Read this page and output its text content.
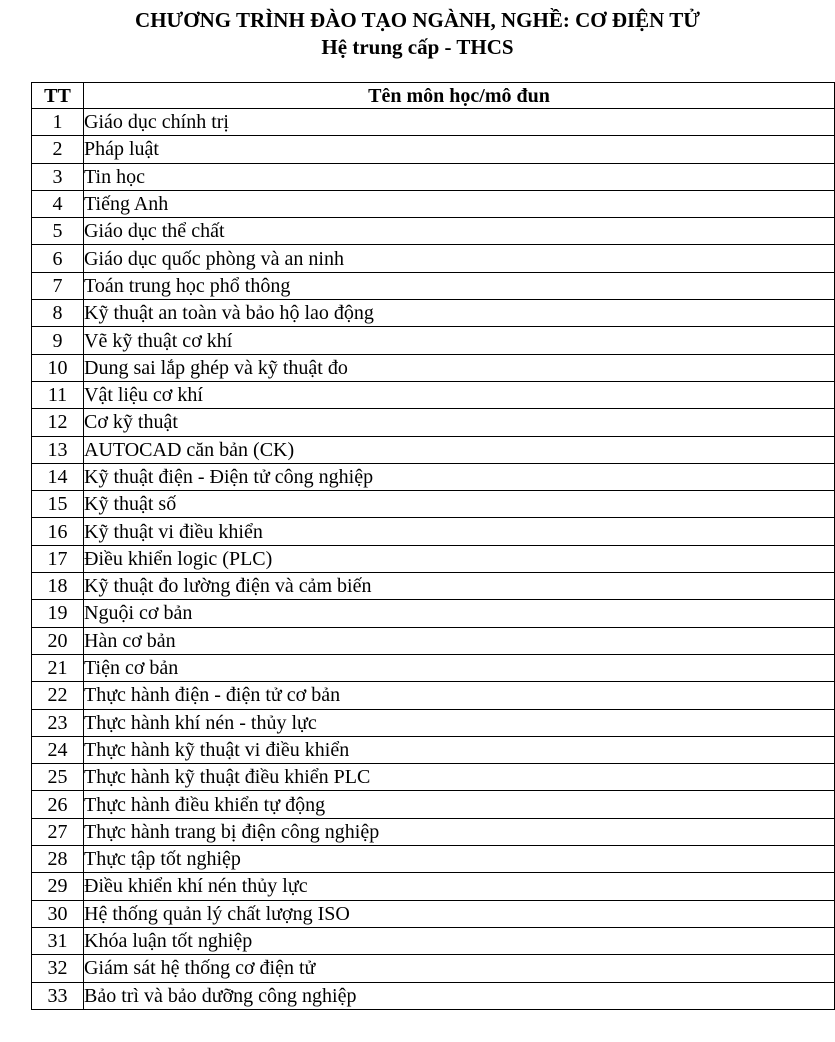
CHƯƠNG TRÌNH ĐÀO TẠO NGÀNH, NGHỀ: CƠ ĐIỆN TỬ
Hệ trung cấp - THCS
TT	Tên môn học/mô đun
1	Giáo dục chính trị
2	Pháp luật
3	Tin học
4	Tiếng Anh
5	Giáo dục thể chất
6	Giáo dục quốc phòng và an ninh
7	Toán trung học phổ thông
8	Kỹ thuật an toàn và bảo hộ lao động
9	Vẽ kỹ thuật cơ khí
10	Dung sai lắp ghép và kỹ thuật đo
11	Vật liệu cơ khí
12	Cơ kỹ thuật
13	AUTOCAD căn bản (CK)
14	Kỹ thuật điện - Điện tử công nghiệp
15	Kỹ thuật số
16	Kỹ thuật vi điều khiển
17	Điều khiển logic (PLC)
18	Kỹ thuật đo lường điện và cảm biến
19	Nguội cơ bản
20	Hàn cơ bản
21	Tiện cơ bản
22	Thực hành điện - điện tử cơ bản
23	Thực hành khí nén - thủy lực
24	Thực hành kỹ thuật vi điều khiển
25	Thực hành kỹ thuật điều khiển PLC
26	Thực hành điều khiển tự động
27	Thực hành trang bị điện công nghiệp
28	Thực tập tốt nghiệp
29	Điều khiển khí nén thủy lực
30	Hệ thống quản lý chất lượng ISO
31	Khóa luận tốt nghiệp
32	Giám sát hệ thống cơ điện tử
33	Bảo trì và bảo dưỡng công nghiệp
